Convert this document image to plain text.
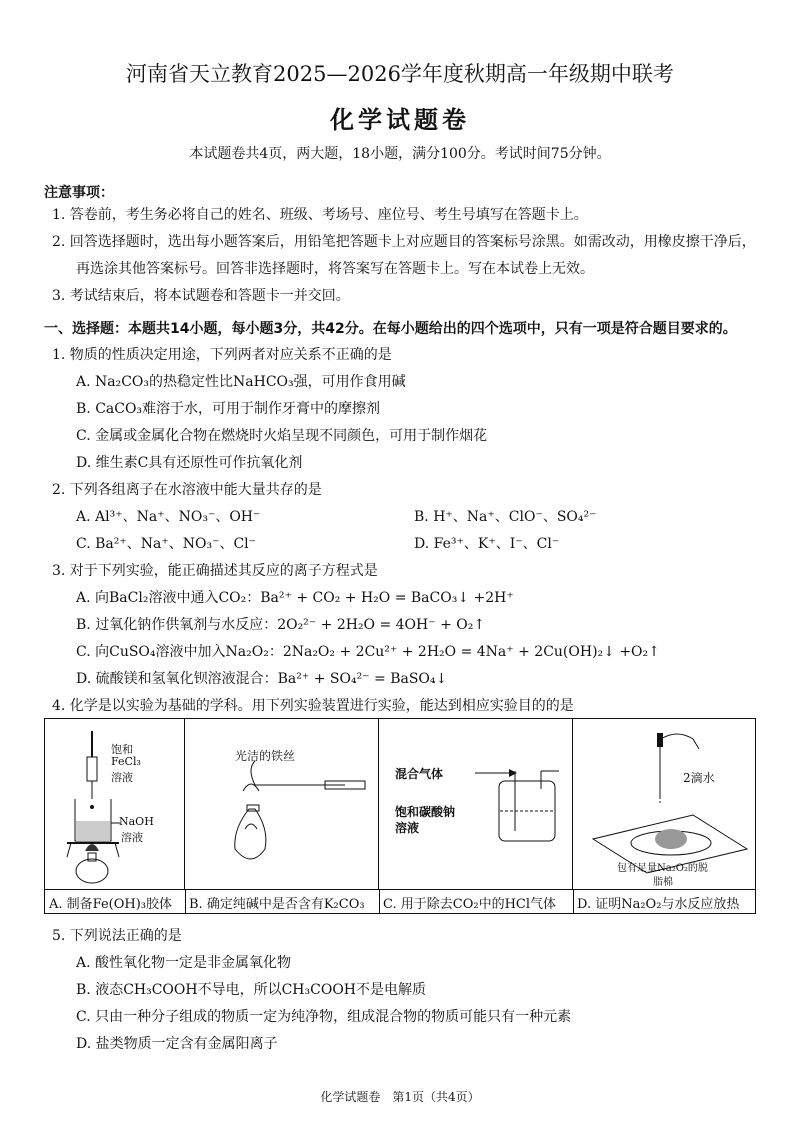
河南省天立教育2025—2026学年度秋期高一年级期中联考
化学试题卷
本试题卷共4页，两大题，18小题，满分100分。考试时间75分钟。
注意事项：
1. 答卷前，考生务必将自己的姓名、班级、考场号、座位号、考生号填写在答题卡上。
2. 回答选择题时，选出每小题答案后，用铅笔把答题卡上对应题目的答案标号涂黑。如需改动，用橡皮擦干净后，
再选涂其他答案标号。回答非选择题时，将答案写在答题卡上。写在本试卷上无效。
3. 考试结束后，将本试题卷和答题卡一并交回。
一、选择题：本题共14小题，每小题3分，共42分。在每小题给出的四个选项中，只有一项是符合题目要求的。
1. 物质的性质决定用途，下列两者对应关系不正确的是
A. Na₂CO₃的热稳定性比NaHCO₃强，可用作食用碱
B. CaCO₃难溶于水，可用于制作牙膏中的摩擦剂
C. 金属或金属化合物在燃烧时火焰呈现不同颜色，可用于制作烟花
D. 维生素C具有还原性可作抗氧化剂
2. 下列各组离子在水溶液中能大量共存的是
A. Al³⁺、Na⁺、NO₃⁻、OH⁻	B. H⁺、Na⁺、ClO⁻、SO₄²⁻
C. Ba²⁺、Na⁺、NO₃⁻、Cl⁻	D. Fe³⁺、K⁺、I⁻、Cl⁻
3. 对于下列实验，能正确描述其反应的离子方程式是
A. 向BaCl₂溶液中通入CO₂：Ba²⁺ + CO₂ + H₂O = BaCO₃↓ +2H⁺
B. 过氧化钠作供氧剂与水反应：2O₂²⁻ + 2H₂O = 4OH⁻ + O₂↑
C. 向CuSO₄溶液中加入Na₂O₂：2Na₂O₂ + 2Cu²⁺ + 2H₂O = 4Na⁺ + 2Cu(OH)₂↓ +O₂↑
D. 硫酸镁和氢氧化钡溶液混合：Ba²⁺ + SO₄²⁻ = BaSO₄↓
4. 化学是以实验为基础的学科。用下列实验装置进行实验，能达到相应实验目的的是
饱和
FeCl₃
溶液
NaOH
溶液
光洁的铁丝
混合气体
饱和碳酸钠
溶液
2滴水
包有足量Na₂O₂的脱
脂棉
A. 制备Fe(OH)₃胶体 B. 确定纯碱中是否含有K₂CO₃ C. 用于除去CO₂中的HCl气体 D. 证明Na₂O₂与水反应放热
5. 下列说法正确的是
A. 酸性氧化物一定是非金属氧化物
B. 液态CH₃COOH不导电，所以CH₃COOH不是电解质
C. 只由一种分子组成的物质一定为纯净物，组成混合物的物质可能只有一种元素
D. 盐类物质一定含有金属阳离子
化学试题卷　第1页（共4页）
